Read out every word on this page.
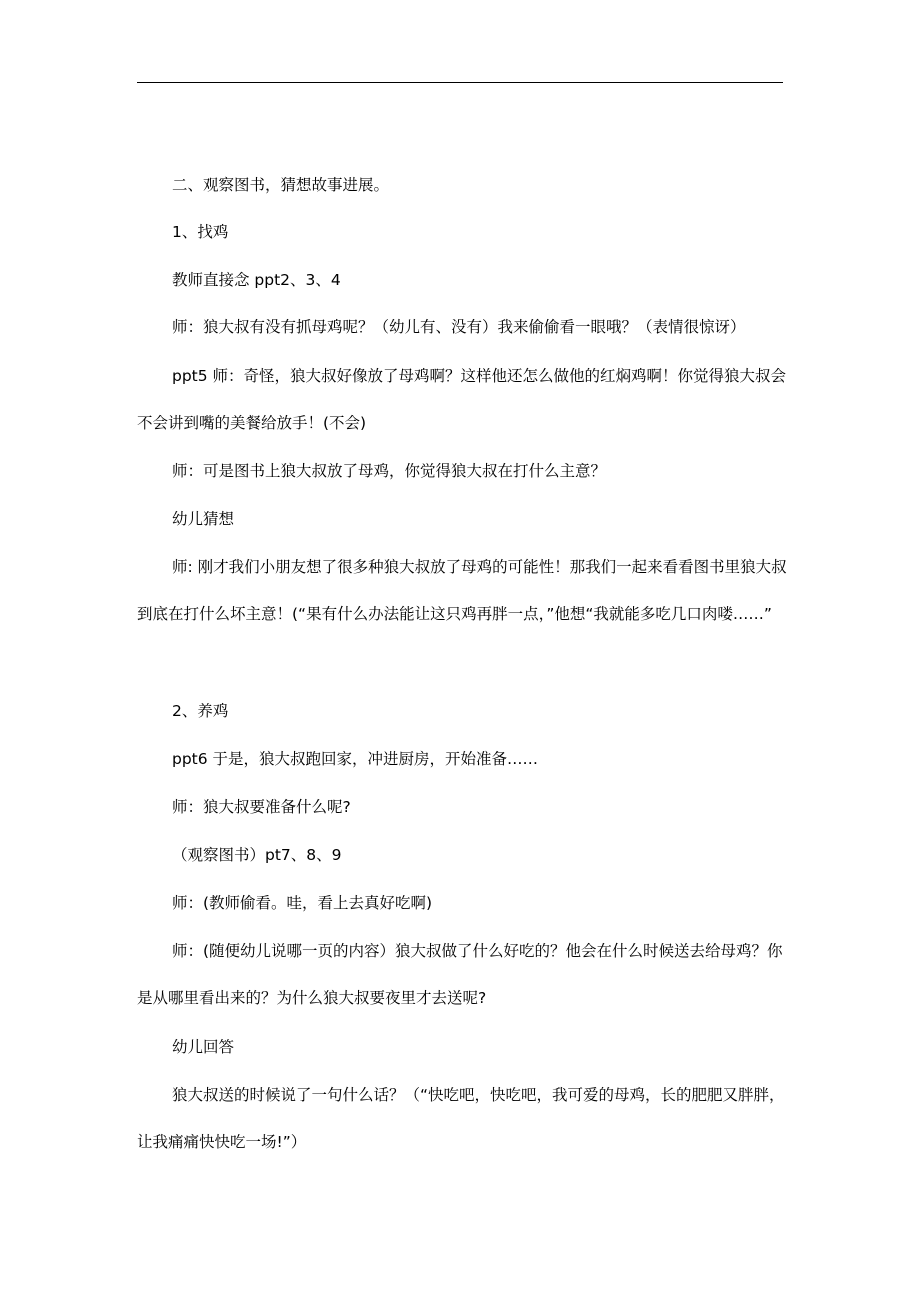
二、观察图书，猜想故事进展。

1、找鸡

教师直接念 ppt2、3、4

师：狼大叔有没有抓母鸡呢？（幼儿有、没有）我来偷偷看一眼哦？（表情很惊讶）

ppt5 师：奇怪，狼大叔好像放了母鸡啊？这样他还怎么做他的红焖鸡啊！你觉得狼大叔会不会讲到嘴的美餐给放手！(不会)

师：可是图书上狼大叔放了母鸡，你觉得狼大叔在打什么主意？

幼儿猜想

师: 刚才我们小朋友想了很多种狼大叔放了母鸡的可能性！那我们一起来看看图书里狼大叔到底在打什么坏主意！(“果有什么办法能让这只鸡再胖一点，”他想“我就能多吃几口肉喽……”

2、养鸡

ppt6 于是，狼大叔跑回家，冲进厨房，开始准备……

师：狼大叔要准备什么呢?

（观察图书）pt7、8、9

师：(教师偷看。哇，看上去真好吃啊)

师：(随便幼儿说哪一页的内容）狼大叔做了什么好吃的？他会在什么时候送去给母鸡？你是从哪里看出来的？为什么狼大叔要夜里才去送呢?

幼儿回答

狼大叔送的时候说了一句什么话？（“快吃吧，快吃吧，我可爱的母鸡，长的肥肥又胖胖，让我痛痛快快吃一场!”）
